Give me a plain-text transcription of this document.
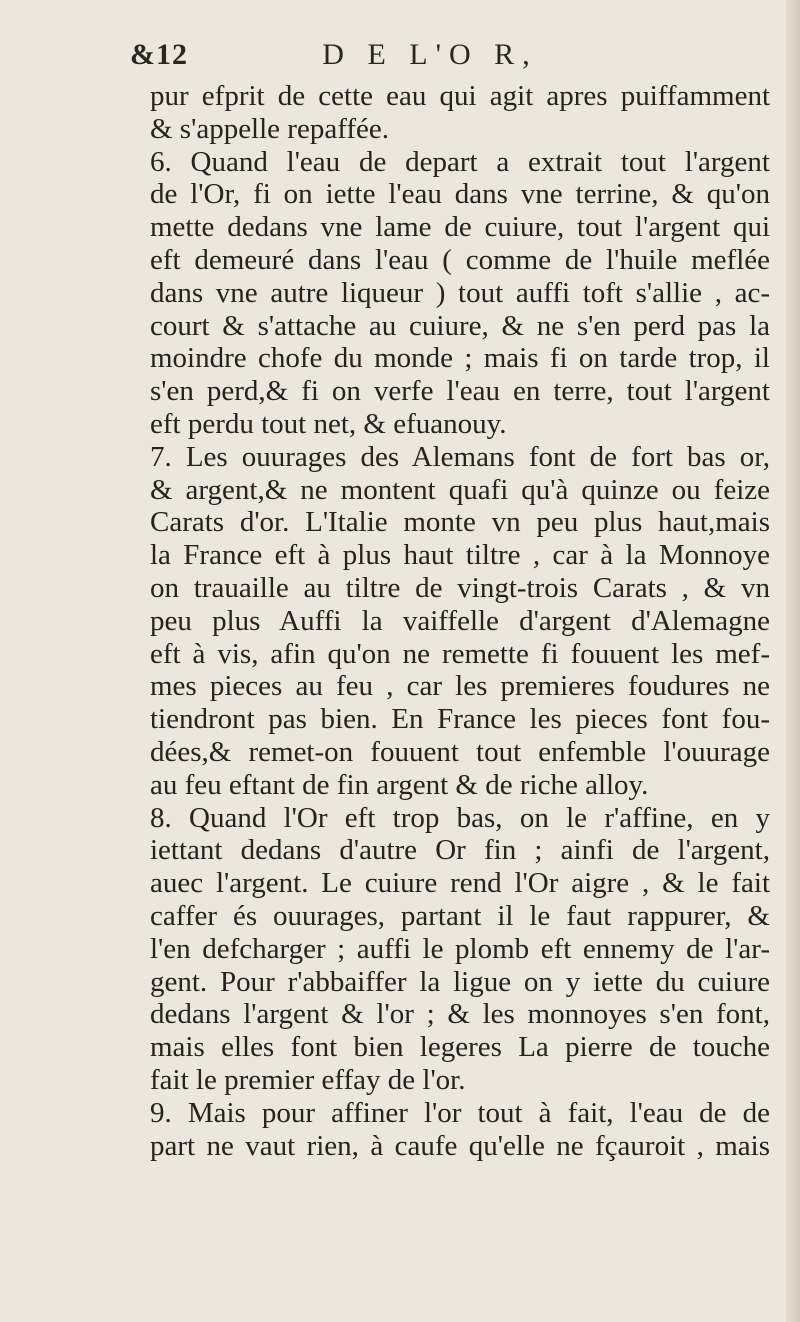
&12	D E L'O R,
pur efprit de cette eau qui agit apres puiffamment
& s'appelle repaffée.
6. Quand l'eau de depart a extrait tout l'argent
de l'Or, fi on iette l'eau dans vne terrine, & qu'on
mette dedans vne lame de cuiure, tout l'argent qui
eft demeuré dans l'eau ( comme de l'huile meflée
dans vne autre liqueur ) tout auffi toft s'allie , ac-
court & s'attache au cuiure, & ne s'en perd pas la
moindre chofe du monde ; mais fi on tarde trop, il
s'en perd,& fi on verfe l'eau en terre, tout l'argent
eft perdu tout net, & efuanouy.
7. Les ouurages des Alemans font de fort bas or,
& argent,& ne montent quafi qu'à quinze ou feize
Carats d'or. L'Italie monte vn peu plus haut,mais
la France eft à plus haut tiltre , car à la Monnoye
on trauaille au tiltre de vingt-trois Carats , & vn
peu plus Auffi la vaiffelle d'argent d'Alemagne
eft à vis, afin qu'on ne remette fi fouuent les mef-
mes pieces au feu , car les premieres foudures ne
tiendront pas bien. En France les pieces font fou-
dées,& remet-on fouuent tout enfemble l'ouurage
au feu eftant de fin argent & de riche alloy.
8. Quand l'Or eft trop bas, on le r'affine, en y
iettant dedans d'autre Or fin ; ainfi de l'argent,
auec l'argent. Le cuiure rend l'Or aigre , & le fait
caffer és ouurages, partant il le faut rappurer, &
l'en defcharger ; auffi le plomb eft ennemy de l'ar-
gent. Pour r'abbaiffer la ligue on y iette du cuiure
dedans l'argent & l'or ; & les monnoyes s'en font,
mais elles font bien legeres La pierre de touche
fait le premier effay de l'or.
9. Mais pour affiner l'or tout à fait, l'eau de de
part ne vaut rien, à caufe qu'elle ne fçauroit , mais
